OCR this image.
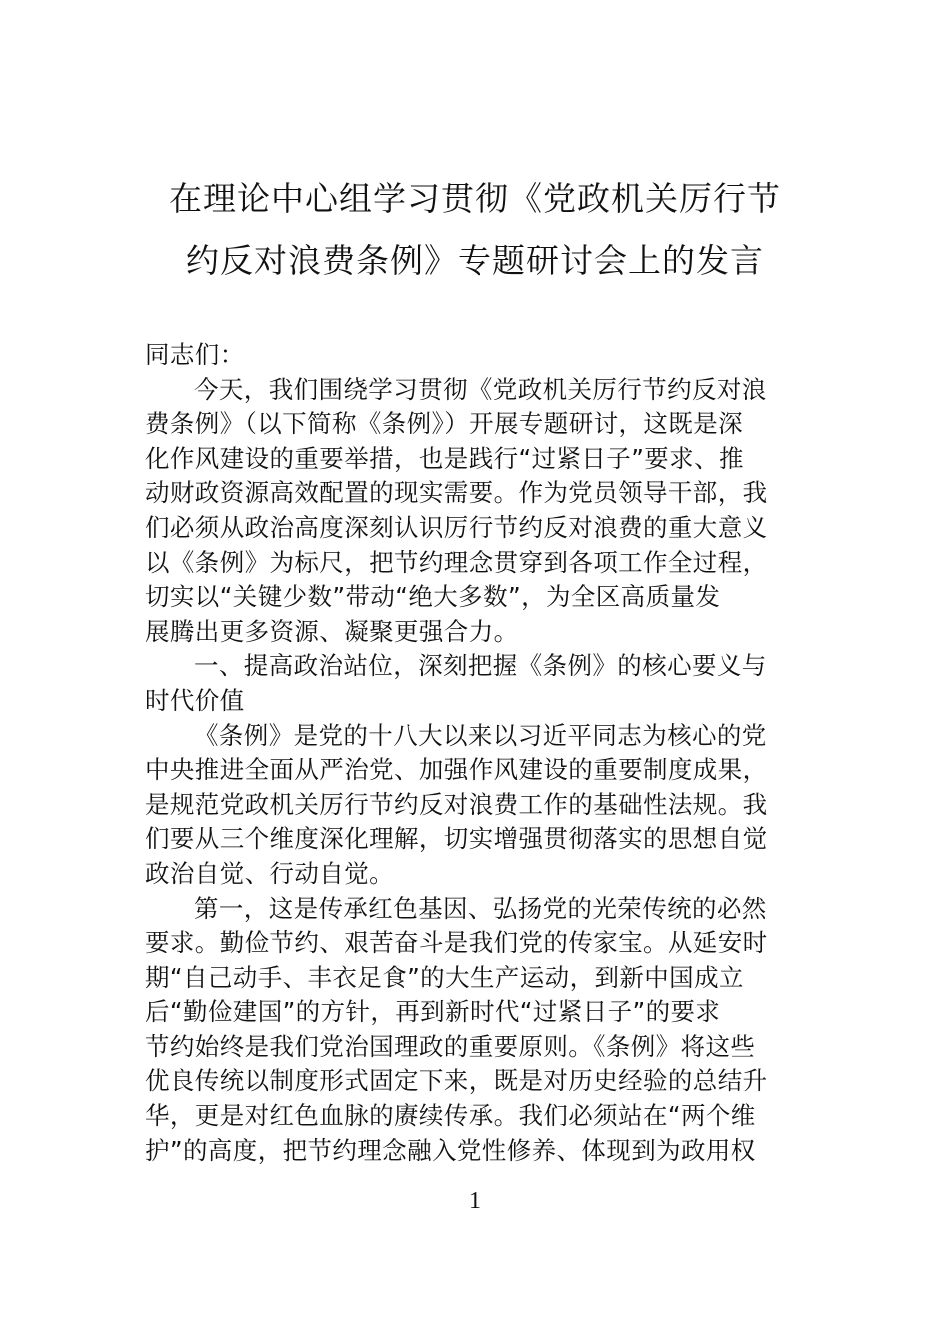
在理论中心组学习贯彻《党政机关厉行节
约反对浪费条例》专题研讨会上的发言
同志们：
今天，我们围绕学习贯彻《党政机关厉行节约反对浪
费条例》（以下简称《条例》）开展专题研讨，这既是深
化作风建设的重要举措，也是践行“过紧日子”要求、推
动财政资源高效配置的现实需要。作为党员领导干部，我
们必须从政治高度深刻认识厉行节约反对浪费的重大意义
以《条例》为标尺，把节约理念贯穿到各项工作全过程，
切实以“关键少数”带动“绝大多数”，为全区高质量发
展腾出更多资源、凝聚更强合力。
一、提高政治站位，深刻把握《条例》的核心要义与
时代价值
《条例》是党的十八大以来以习近平同志为核心的党
中央推进全面从严治党、加强作风建设的重要制度成果，
是规范党政机关厉行节约反对浪费工作的基础性法规。我
们要从三个维度深化理解，切实增强贯彻落实的思想自觉
政治自觉、行动自觉。
第一，这是传承红色基因、弘扬党的光荣传统的必然
要求。勤俭节约、艰苦奋斗是我们党的传家宝。从延安时
期“自己动手、丰衣足食”的大生产运动，到新中国成立
后“勤俭建国”的方针，再到新时代“过紧日子”的要求
节约始终是我们党治国理政的重要原则。《条例》将这些
优良传统以制度形式固定下来，既是对历史经验的总结升
华，更是对红色血脉的赓续传承。我们必须站在“两个维
护”的高度，把节约理念融入党性修养、体现到为政用权
1
